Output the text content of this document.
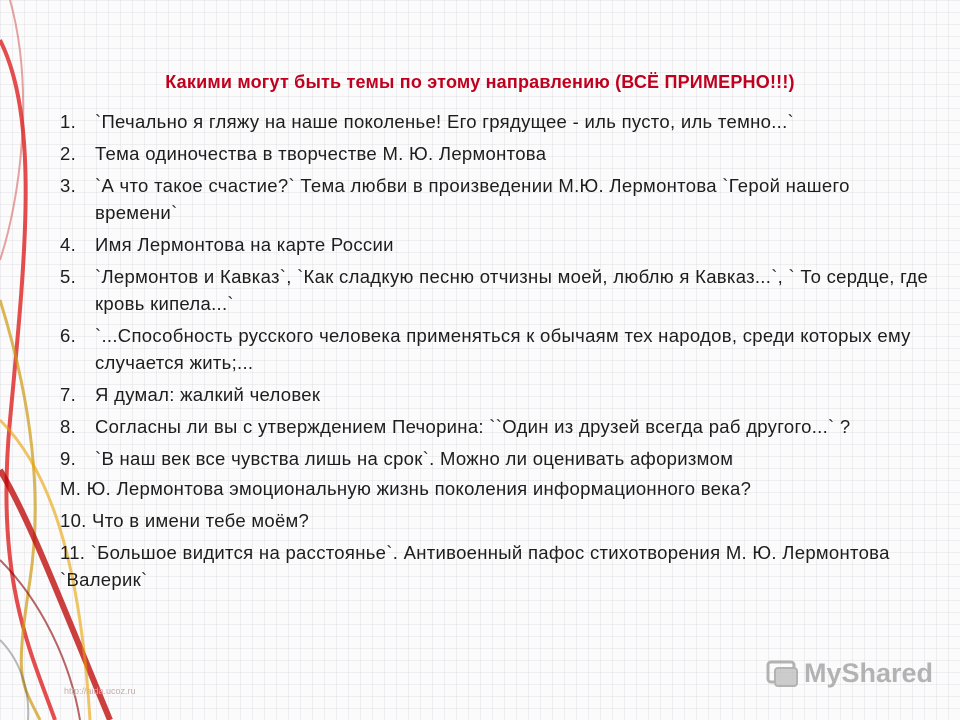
Какими могут быть темы по этому направлению (ВСЁ ПРИМЕРНО!!!)
1.	`Печально я гляжу на наше поколенье! Его грядущее - иль пусто, иль темно...`
2.	Тема одиночества в творчестве М. Ю. Лермонтова
3.	`А что такое счастие?` Тема любви в произведении М.Ю. Лермонтова `Герой нашего времени`
4.	Имя Лермонтова на карте России
5.	`Лермонтов и Кавказ`, `Как сладкую песню отчизны моей, люблю я Кавказ...`, ` То сердце, где кровь кипела...`
6.	`...Способность русского человека применяться к обычаям тех народов, среди которых ему случается жить;...
7.	Я думал: жалкий человек
8.	Согласны ли вы с утверждением Печорина: ``Один из друзей всегда раб другого...` ?
9.	`В наш век все чувства лишь на срок`. Можно ли оценивать афоризмом
М. Ю. Лермонтова эмоциональную жизнь поколения информационного века?
10. Что в имени тебе моём?
11. `Большое видится на расстоянье`. Антивоенный пафос стихотворения М. Ю. Лермонтова `Валерик`
http://aida.ucoz.ru
MyShared
